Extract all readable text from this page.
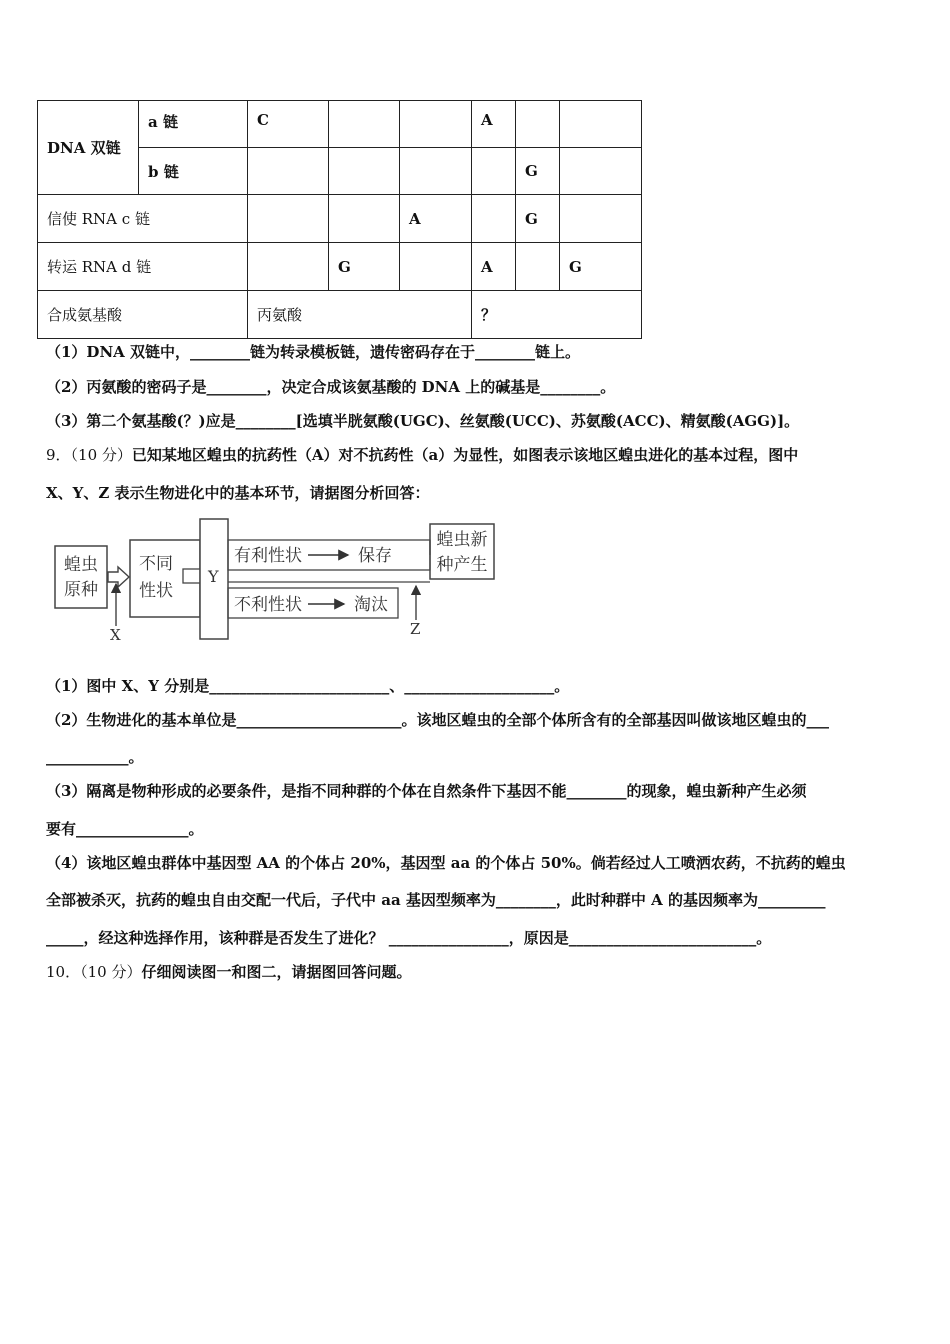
DNA 双链	a 链	C			A		
	b 链					G	
信使 RNA c 链				A		G	
转运 RNA d 链			G		A		G
合成氨基酸		丙氨酸			？		
（1）DNA 双链中，________链为转录模板链，遗传密码存在于________链上。
（2）丙氨酸的密码子是________，决定合成该氨基酸的 DNA 上的碱基是________。
（3）第二个氨基酸(？)应是________[选填半胱氨酸(UGC)、丝氨酸(UCC)、苏氨酸(ACC)、精氨酸(AGG)]。
9．（10 分）已知某地区蝗虫的抗药性（A）对不抗药性（a）为显性，如图表示该地区蝗虫进化的基本过程，图中
X、Y、Z 表示生物进化中的基本环节，请据图分析回答：
蝗虫
原种
X
不同
性状
Y
有利性状	保存
不利性状	淘汰
蝗虫新
种产生
Z
（1）图中 X、Y 分别是________________________、____________________。
（2）生物进化的基本单位是______________________。该地区蝗虫的全部个体所含有的全部基因叫做该地区蝗虫的___
___________。
（3）隔离是物种形成的必要条件，是指不同种群的个体在自然条件下基因不能________的现象，蝗虫新种产生必须
要有_______________。
（4）该地区蝗虫群体中基因型 AA 的个体占 20%，基因型 aa 的个体占 50%。倘若经过人工喷洒农药，不抗药的蝗虫
全部被杀灭，抗药的蝗虫自由交配一代后，子代中 aa 基因型频率为________，此时种群中 A 的基因频率为_________
_____，经这种选择作用，该种群是否发生了进化？ ________________，原因是_________________________。
10．（10 分）仔细阅读图一和图二，请据图回答问题。
